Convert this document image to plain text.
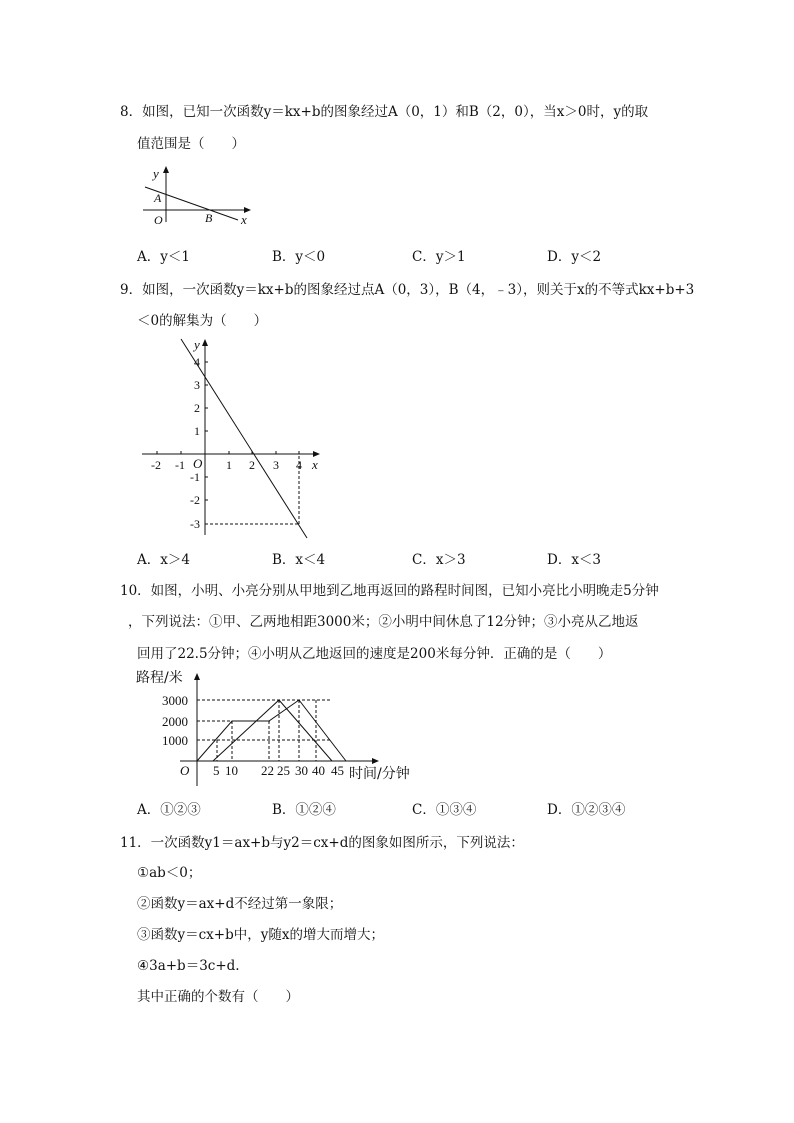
8．如图，已知一次函数y＝kx+b的图象经过A（0，1）和B（2，0），当x＞0时，y的取
值范围是（　　）
y
A
B
O	x
A．y＜1	B．y＜0	C．y＞1	D．y＜2
9．如图，一次函数y＝kx+b的图象经过点A（0，3），B（4，﹣3），则关于x的不等式kx+b+3
＜0的解集为（　　）
y
x
O
-2 -1	1 2 3 4
4
3
2
1
-1
-2
-3
A．x＞4	B．x＜4	C．x＞3	D．x＜3
10．如图，小明、小亮分别从甲地到乙地再返回的路程时间图，已知小亮比小明晚走5分钟
，下列说法：①甲、乙两地相距3000米；②小明中间休息了12分钟；③小亮从乙地返
回用了22.5分钟；④小明从乙地返回的速度是200米每分钟．正确的是（　　）
路程/米
3000
2000
1000
O 5 10 22 25 30 40 45 时间/分钟
A．①②③	B．①②④	C．①③④	D．①②③④
11．一次函数y1＝ax+b与y2＝cx+d的图象如图所示，下列说法：
①ab＜0；
②函数y＝ax+d不经过第一象限；
③函数y＝cx+b中，y随x的增大而增大；
④3a+b＝3c+d.
其中正确的个数有（　　）
